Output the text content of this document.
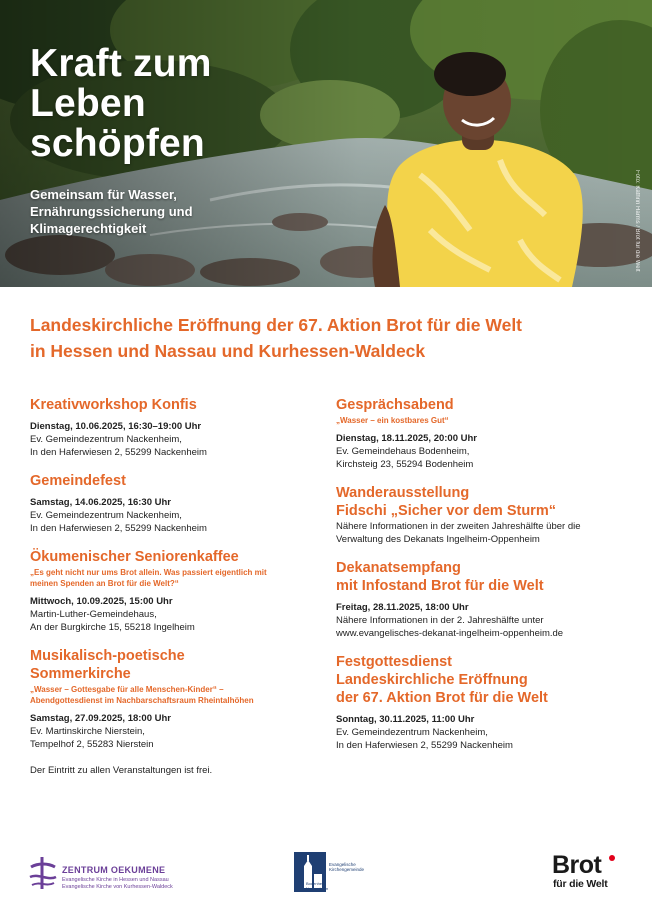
Kraft zum
Leben
schöpfen
Gemeinsam für Wasser,
Ernährungssicherung und
Klimagerechtigkeit	Foto: Kathrin Harms / Brot für die Welt
Landeskirchliche Eröffnung der 67. Aktion Brot für die Welt
in Hessen und Nassau und Kurhessen-Waldeck
Kreativworkshop Konfis
Dienstag, 10.06.2025, 16:30–19:00 Uhr
Ev. Gemeindezentrum Nackenheim,
In den Haferwiesen 2, 55299 Nackenheim
Gemeindefest
Samstag, 14.06.2025, 16:30 Uhr
Ev. Gemeindezentrum Nackenheim,
In den Haferwiesen 2, 55299 Nackenheim
Ökumenischer Seniorenkaffee
„Es geht nicht nur ums Brot allein. Was passiert eigentlich mit
meinen Spenden an Brot für die Welt?“
Mittwoch, 10.09.2025, 15:00 Uhr
Martin-Luther-Gemeindehaus,
An der Burgkirche 15, 55218 Ingelheim
Musikalisch-poetische
Sommerkirche
„Wasser – Gottesgabe für alle Menschen-Kinder“ –
Abendgottesdienst im Nachbarschaftsraum Rheintalhöhen
Samstag, 27.09.2025, 18:00 Uhr
Ev. Martinskirche Nierstein,
Tempelhof 2, 55283 Nierstein
Der Eintritt zu allen Veranstaltungen ist frei.
Gesprächsabend
„Wasser – ein kostbares Gut“
Dienstag, 18.11.2025, 20:00 Uhr
Ev. Gemeindehaus Bodenheim,
Kirchsteig 23, 55294 Bodenheim
Wanderausstellung
Fidschi „Sicher vor dem Sturm“
Nähere Informationen in der zweiten Jahreshälfte über die
Verwaltung des Dekanats Ingelheim-Oppenheim
Dekanatsempfang
mit Infostand Brot für die Welt
Freitag, 28.11.2025, 18:00 Uhr
Nähere Informationen in der 2. Jahreshälfte unter
www.evangelisches-dekanat-ingelheim-oppenheim.de
Festgottesdienst
Landeskirchliche Eröffnung
der 67. Aktion Brot für die Welt
Sonntag, 30.11.2025, 11:00 Uhr
Ev. Gemeindezentrum Nackenheim,
In den Haferwiesen 2, 55299 Nackenheim
ZENTRUM OEKUMENE
Evangelische Kirche in Hessen und Nassau
Evangelische Kirche von Kurhessen-Waldeck
Evangelische
Kirchengemeinde
Bodenheim
Nackenheim
Brot
für die Welt
